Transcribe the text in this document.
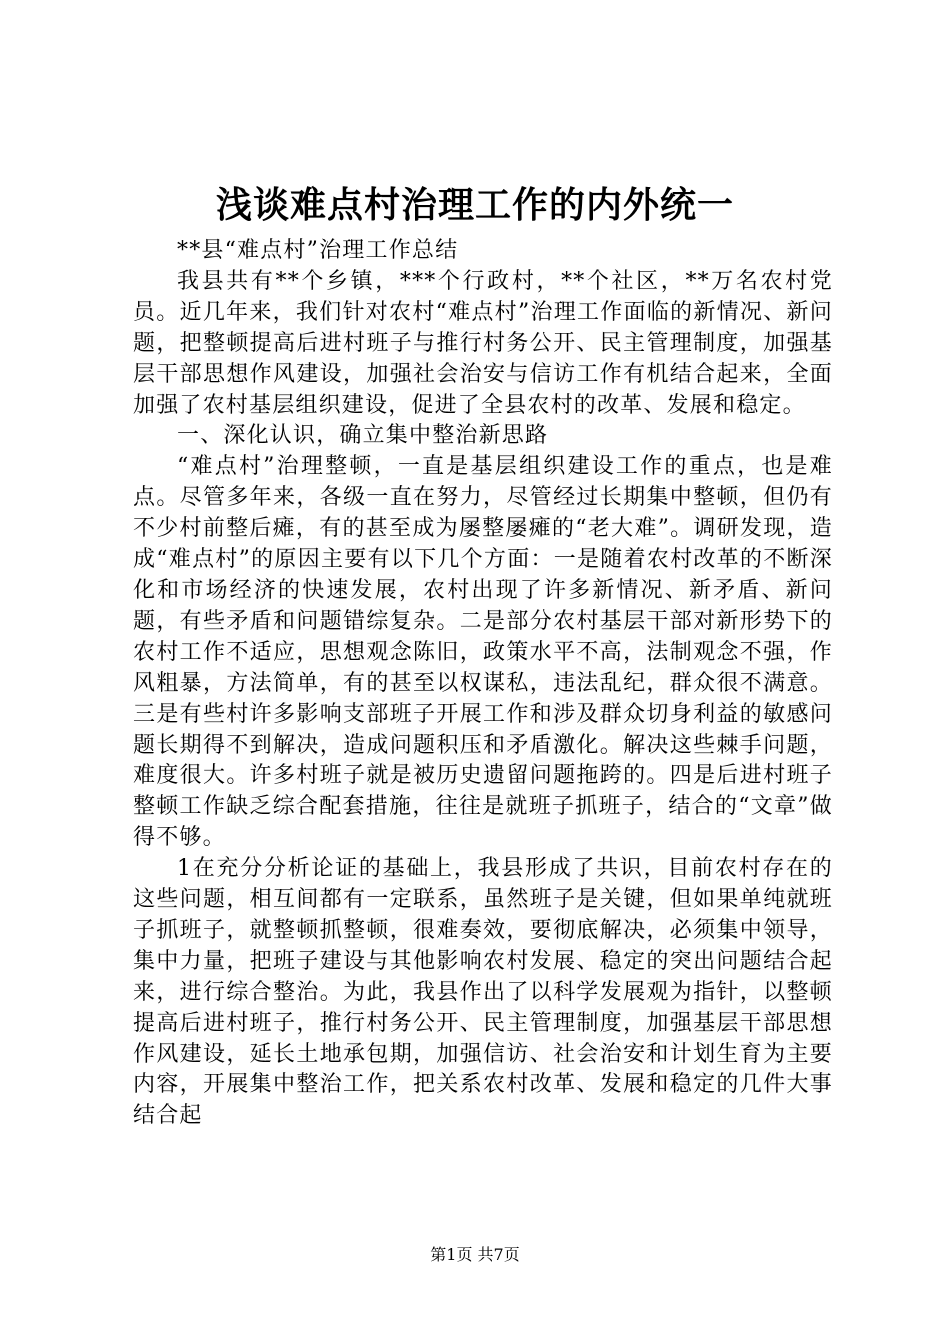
浅谈难点村治理工作的内外统一

**县“难点村”治理工作总结

我县共有**个乡镇，***个行政村，**个社区，**万名农村党员。近几年来，我们针对农村“难点村”治理工作面临的新情况、新问题，把整顿提高后进村班子与推行村务公开、民主管理制度，加强基层干部思想作风建设，加强社会治安与信访工作有机结合起来，全面加强了农村基层组织建设，促进了全县农村的改革、发展和稳定。

一、深化认识，确立集中整治新思路

“难点村”治理整顿，一直是基层组织建设工作的重点，也是难点。尽管多年来，各级一直在努力，尽管经过长期集中整顿，但仍有不少村前整后瘫，有的甚至成为屡整屡瘫的“老大难”。调研发现，造成“难点村”的原因主要有以下几个方面：一是随着农村改革的不断深化和市场经济的快速发展，农村出现了许多新情况、新矛盾、新问题，有些矛盾和问题错综复杂。二是部分农村基层干部对新形势下的农村工作不适应，思想观念陈旧，政策水平不高，法制观念不强，作风粗暴，方法简单，有的甚至以权谋私，违法乱纪，群众很不满意。三是有些村许多影响支部班子开展工作和涉及群众切身利益的敏感问题长期得不到解决，造成问题积压和矛盾激化。解决这些棘手问题，难度很大。许多村班子就是被历史遗留问题拖跨的。四是后进村班子整顿工作缺乏综合配套措施，往往是就班子抓班子，结合的“文章”做得不够。

1在充分分析论证的基础上，我县形成了共识，目前农村存在的这些问题，相互间都有一定联系，虽然班子是关键，但如果单纯就班子抓班子，就整顿抓整顿，很难奏效，要彻底解决，必须集中领导，集中力量，把班子建设与其他影响农村发展、稳定的突出问题结合起来，进行综合整治。为此，我县作出了以科学发展观为指针，以整顿提高后进村班子，推行村务公开、民主管理制度，加强基层干部思想作风建设，延长土地承包期，加强信访、社会治安和计划生育为主要内容，开展集中整治工作，把关系农村改革、发展和稳定的几件大事结合起

第1页 共7页
